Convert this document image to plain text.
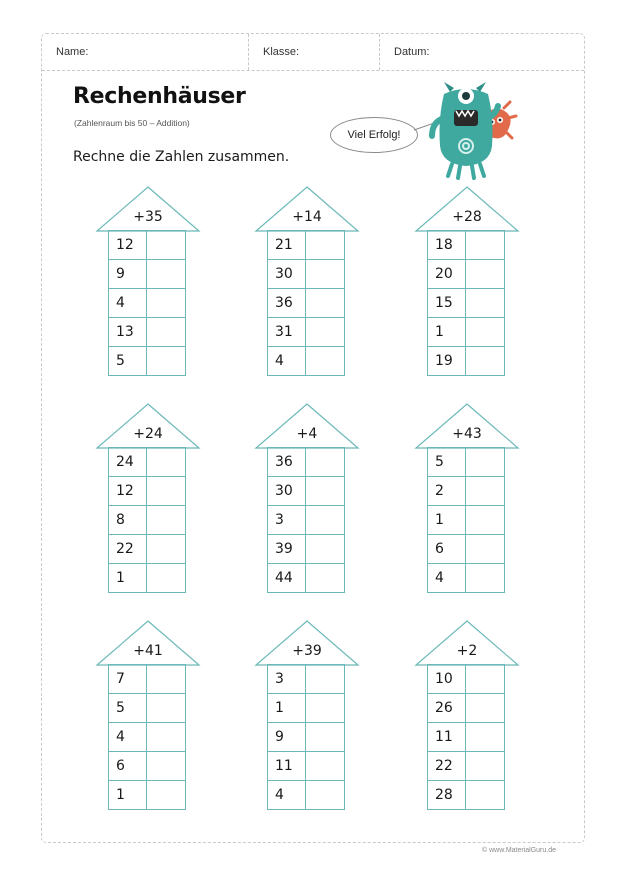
Name:	Klasse:	Datum:
Rechenhäuser
(Zahlenraum bis 50 – Addition)
Rechne die Zahlen zusammen.
Viel Erfolg!
+35
12
9
4
13
5
+14
21
30
36
31
4
+28
18
20
15
1
19
+24
24
12
8
22
1
+4
36
30
3
39
44
+43
5
2
1
6
4
+41
7
5
4
6
1
+39
3
1
9
11
4
+2
10
26
11
22
28
© www.MaterialGuru.de
